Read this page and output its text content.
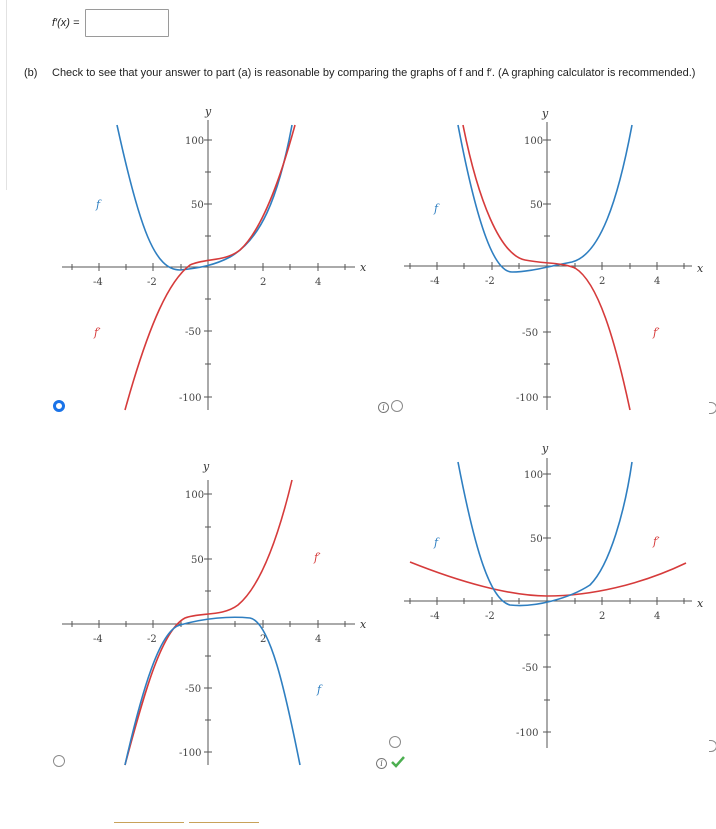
f′(x) =
(b) Check to see that your answer to part (a) is reasonable by comparing the graphs of f and f′. (A graphing calculator is recommended.)
y
x
-4	-2	2	4
100
50
-50
-100
f
f′
y
x
-4	-2	2	4
100
50
-50
-100
f
f′
y
x
-4	-2	2	4
100
50
-50
-100
f′
f
y
x
-4	-2	2	4
100
50
-50
-100
f	f′
i
i
